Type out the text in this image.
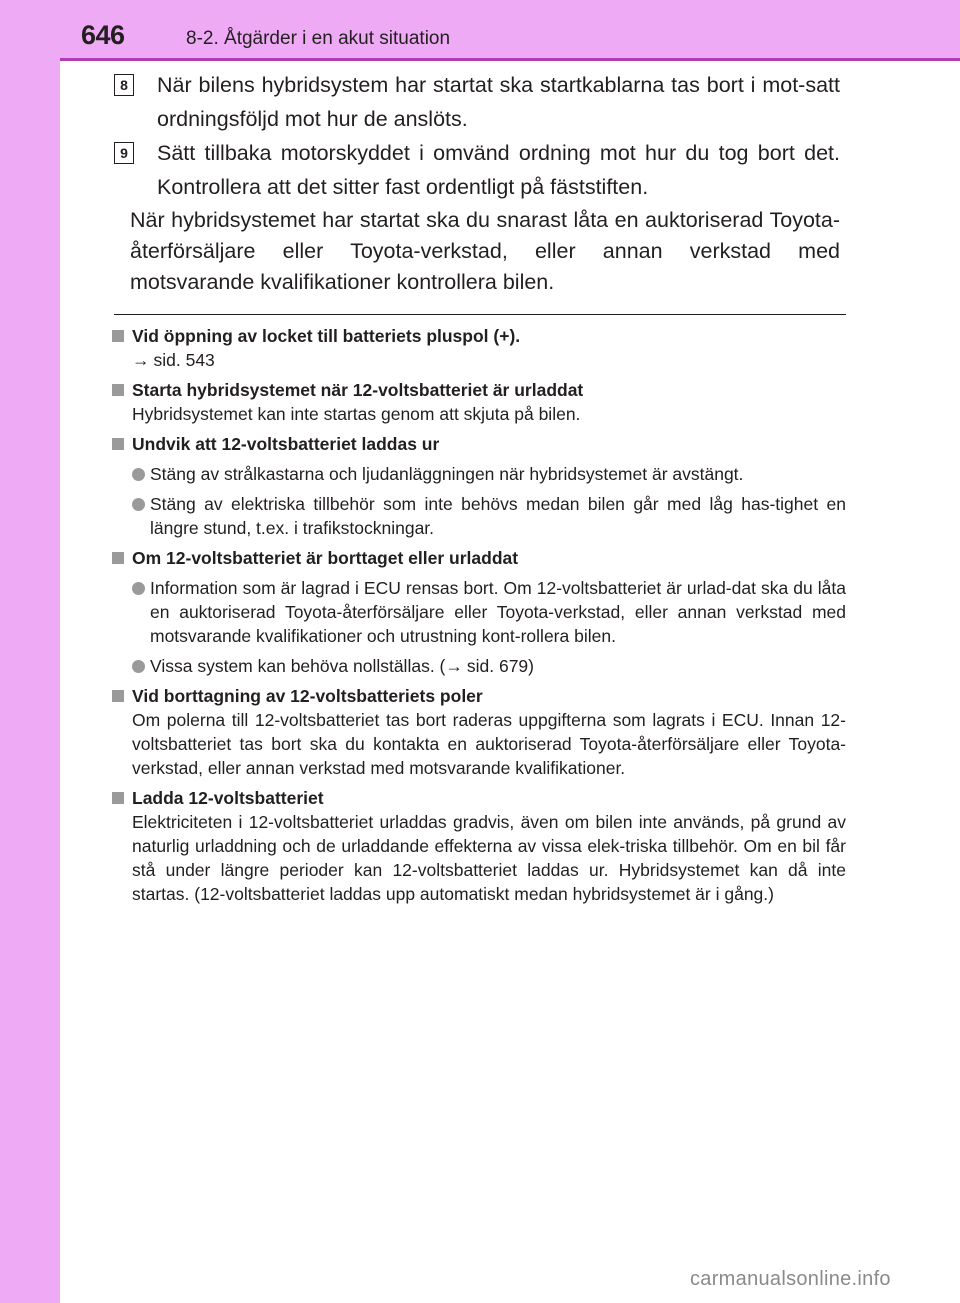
646	8-2. Åtgärder i en akut situation
8 När bilens hybridsystem har startat ska startkablarna tas bort i mot-satt ordningsföljd mot hur de anslöts.
9 Sätt tillbaka motorskyddet i omvänd ordning mot hur du tog bort det. Kontrollera att det sitter fast ordentligt på fäststiften.
När hybridsystemet har startat ska du snarast låta en auktoriserad Toyota-återförsäljare eller Toyota-verkstad, eller annan verkstad med motsvarande kvalifikationer kontrollera bilen.
Vid öppning av locket till batteriets pluspol (+).
→ sid. 543
Starta hybridsystemet när 12-voltsbatteriet är urladdat
Hybridsystemet kan inte startas genom att skjuta på bilen.
Undvik att 12-voltsbatteriet laddas ur
Stäng av strålkastarna och ljudanläggningen när hybridsystemet är avstängt.
Stäng av elektriska tillbehör som inte behövs medan bilen går med låg has-tighet en längre stund, t.ex. i trafikstockningar.
Om 12-voltsbatteriet är borttaget eller urladdat
Information som är lagrad i ECU rensas bort. Om 12-voltsbatteriet är urlad-dat ska du låta en auktoriserad Toyota-återförsäljare eller Toyota-verkstad, eller annan verkstad med motsvarande kvalifikationer och utrustning kont-rollera bilen.
Vissa system kan behöva nollställas. (→ sid. 679)
Vid borttagning av 12-voltsbatteriets poler
Om polerna till 12-voltsbatteriet tas bort raderas uppgifterna som lagrats i ECU. Innan 12-voltsbatteriet tas bort ska du kontakta en auktoriserad Toyota-återförsäljare eller Toyota-verkstad, eller annan verkstad med motsvarande kvalifikationer.
Ladda 12-voltsbatteriet
Elektriciteten i 12-voltsbatteriet urladdas gradvis, även om bilen inte används, på grund av naturlig urladdning och de urladdande effekterna av vissa elek-triska tillbehör. Om en bil får stå under längre perioder kan 12-voltsbatteriet laddas ur. Hybridsystemet kan då inte startas. (12-voltsbatteriet laddas upp automatiskt medan hybridsystemet är i gång.)
carmanualsonline.info
